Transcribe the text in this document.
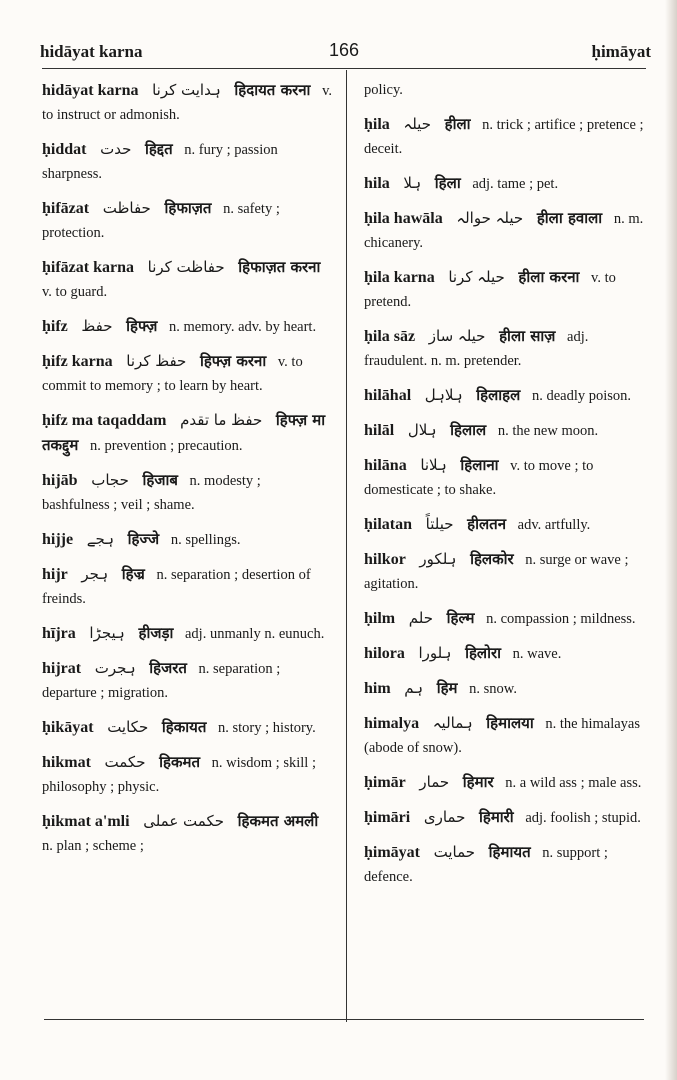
hidāyat karna	166	ḥimāyat
hidāyat karna ہدایت کرنا हिदायत करना v. to instruct or admonish.
ḥiddat حدت हिद्दत n. fury ; passion sharpness.
ḥifāzat حفاظت हिफाज़त n. safety ; protection.
ḥifāzat karna حفاظت کرنا हिफाज़त करना v. to guard.
ḥifz حفظ हिफ्ज़ n. memory. adv. by heart.
ḥifz karna حفظ کرنا हिफ्ज़ करना v. to commit to memory ; to learn by heart.
ḥifz ma taqaddam حفظ ما تقدم हिफ्ज़ मा तकद्दुम n. prevention ; precaution.
hijāb حجاب हिजाब n. modesty ; bashfulness ; veil ; shame.
hijje ہجے हिज्जे n. spellings.
hijr ہجر हिज्र n. separation ; desertion of freinds.
hījra ہیجڑا हीजड़ा adj. unmanly n. eunuch.
hijrat ہجرت हिजरत n. separation ; departure ; migration.
ḥikāyat حکایت हिकायत n. story ; history.
hikmat حکمت हिकमत n. wisdom ; skill ; philosophy ; physic.
ḥikmat a'mli حکمت عملی हिकमत अमली n. plan ; scheme ;
policy.
ḥila حیلہ हीला n. trick ; artifice ; pretence ; deceit.
hila ہلا हिला adj. tame ; pet.
ḥila hawāla حیلہ حوالہ हीला हवाला n. m. chicanery.
ḥila karna حیلہ کرنا हीला करना v. to pretend.
ḥila sāz حیلہ ساز हीला साज़ adj. fraudulent. n. m. pretender.
hilāhal ہلاہل हिलाहल n. deadly poison.
hilāl ہلال हिलाल n. the new moon.
hilāna ہلانا हिलाना v. to move ; to domesticate ; to shake.
ḥilatan حیلتاً हीलतन adv. artfully.
hilkor ہلکور हिलकोर n. surge or wave ; agitation.
ḥilm حلم हिल्म n. compassion ; mildness.
hilora ہلورا हिलोरा n. wave.
him ہم हिम n. snow.
himalya ہمالیہ हिमालया n. the himalayas (abode of snow).
ḥimār حمار हिमार n. a wild ass ; male ass.
ḥimāri حماری हिमारी adj. foolish ; stupid.
ḥimāyat حمایت हिमायत n. support ; defence.
